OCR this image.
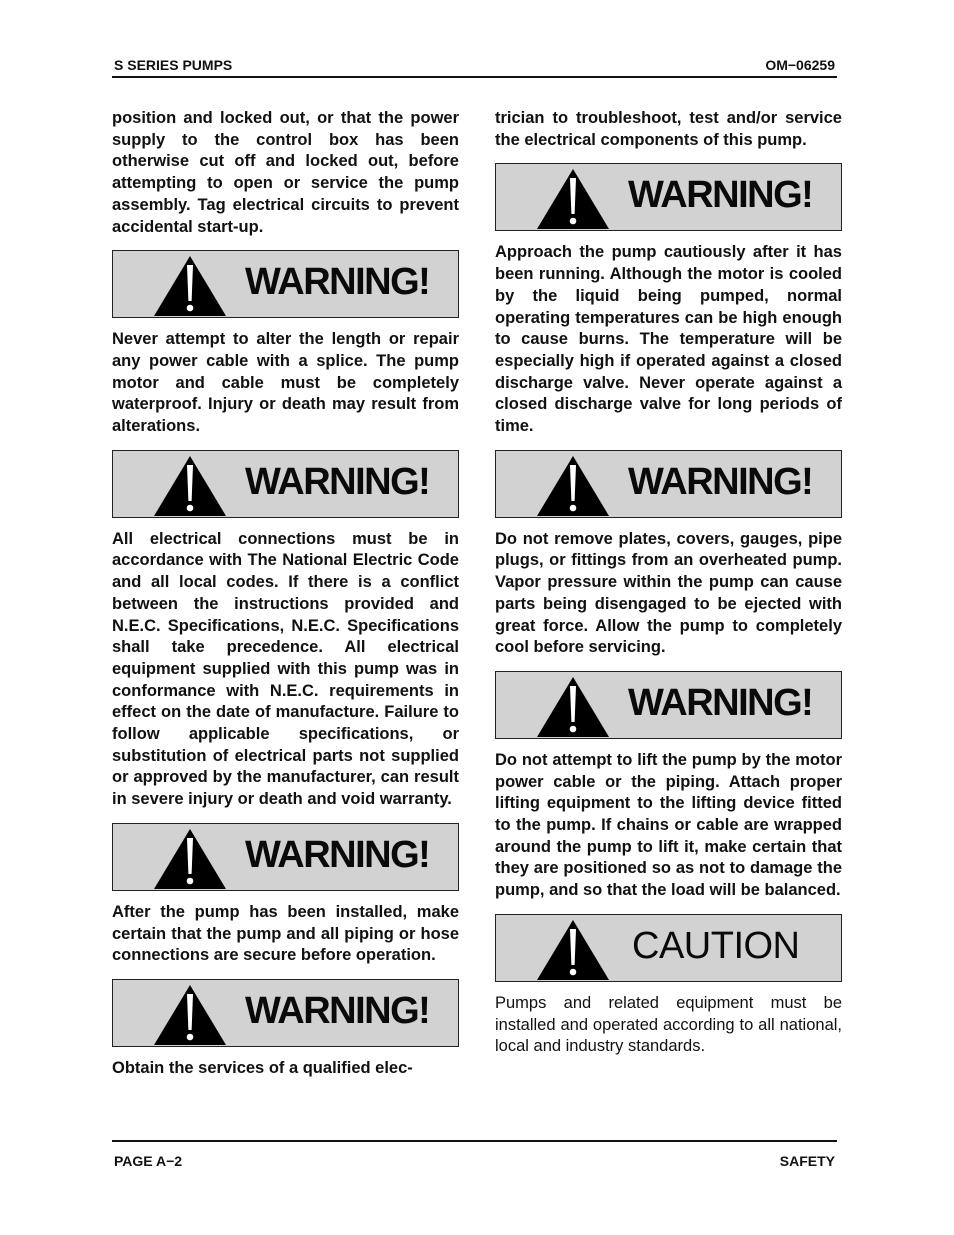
S SERIES PUMPS	OM−06259

position and locked out, or that the power supply to the control box has been otherwise cut off and locked out, before attempting to open or service the pump assembly. Tag electrical circuits to prevent accidental start-up.

WARNING!

Never attempt to alter the length or repair any power cable with a splice. The pump motor and cable must be completely waterproof. Injury or death may result from alterations.

WARNING!

All electrical connections must be in accordance with The National Electric Code and all local codes. If there is a conflict between the instructions provided and N.E.C. Specifications, N.E.C. Specifications shall take precedence. All electrical equipment supplied with this pump was in conformance with N.E.C. requirements in effect on the date of manufacture. Failure to follow applicable specifications, or substitution of electrical parts not supplied or approved by the manufacturer, can result in severe injury or death and void warranty.

WARNING!

After the pump has been installed, make certain that the pump and all piping or hose connections are secure before operation.

WARNING!

Obtain the services of a qualified elec-

trician to troubleshoot, test and/or service the electrical components of this pump.

WARNING!

Approach the pump cautiously after it has been running. Although the motor is cooled by the liquid being pumped, normal operating temperatures can be high enough to cause burns. The temperature will be especially high if operated against a closed discharge valve. Never operate against a closed discharge valve for long periods of time.

WARNING!

Do not remove plates, covers, gauges, pipe plugs, or fittings from an overheated pump. Vapor pressure within the pump can cause parts being disengaged to be ejected with great force. Allow the pump to completely cool before servicing.

WARNING!

Do not attempt to lift the pump by the motor power cable or the piping. Attach proper lifting equipment to the lifting device fitted to the pump. If chains or cable are wrapped around the pump to lift it, make certain that they are positioned so as not to damage the pump, and so that the load will be balanced.

CAUTION

Pumps and related equipment must be installed and operated according to all national, local and industry standards.

PAGE A−2	SAFETY
